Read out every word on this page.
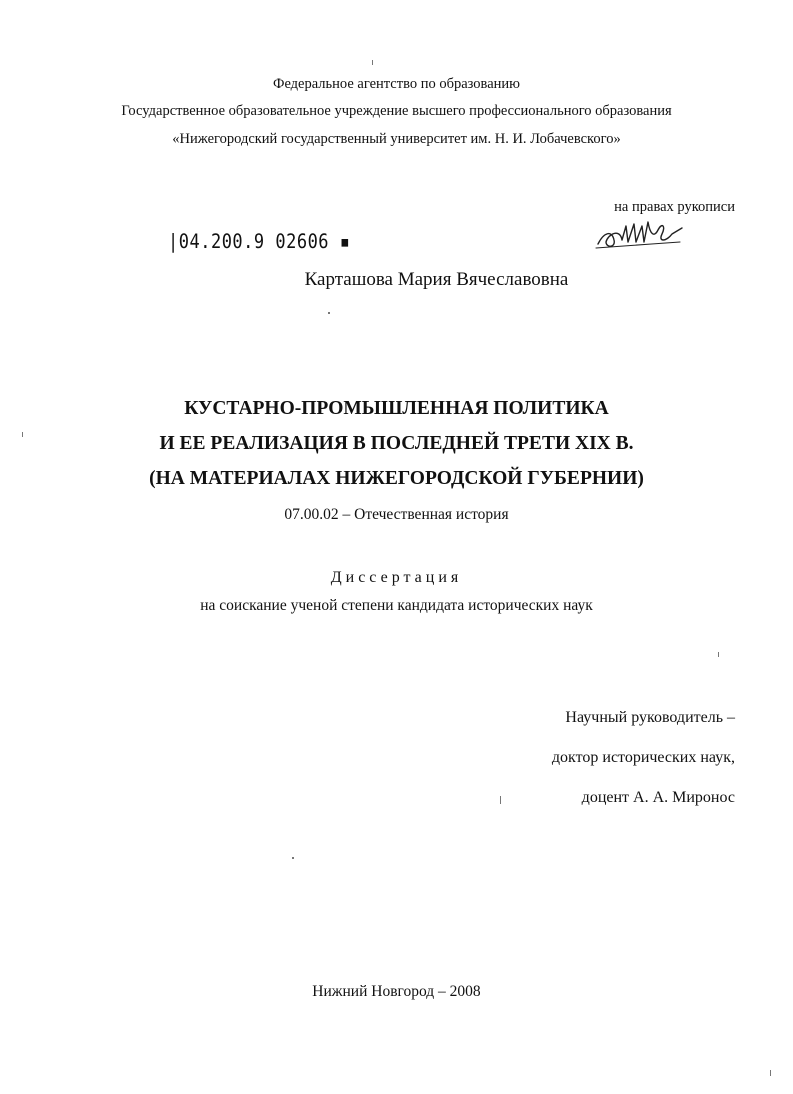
Федеральное агентство по образованию
Государственное образовательное учреждение высшего профессионального образования
«Нижегородский государственный университет им. Н. И. Лобачевского»
на правах рукописи
|04.200.9 02606 ▪
Карташова Мария Вячеславовна
КУСТАРНО-ПРОМЫШЛЕННАЯ ПОЛИТИКА
И ЕЕ РЕАЛИЗАЦИЯ В ПОСЛЕДНЕЙ ТРЕТИ XIX В.
(НА МАТЕРИАЛАХ НИЖЕГОРОДСКОЙ ГУБЕРНИИ)
07.00.02 – Отечественная история
Диссертация
на соискание ученой степени кандидата исторических наук
Научный руководитель –
доктор исторических наук,
доцент А. А. Миронос
Нижний Новгород – 2008
